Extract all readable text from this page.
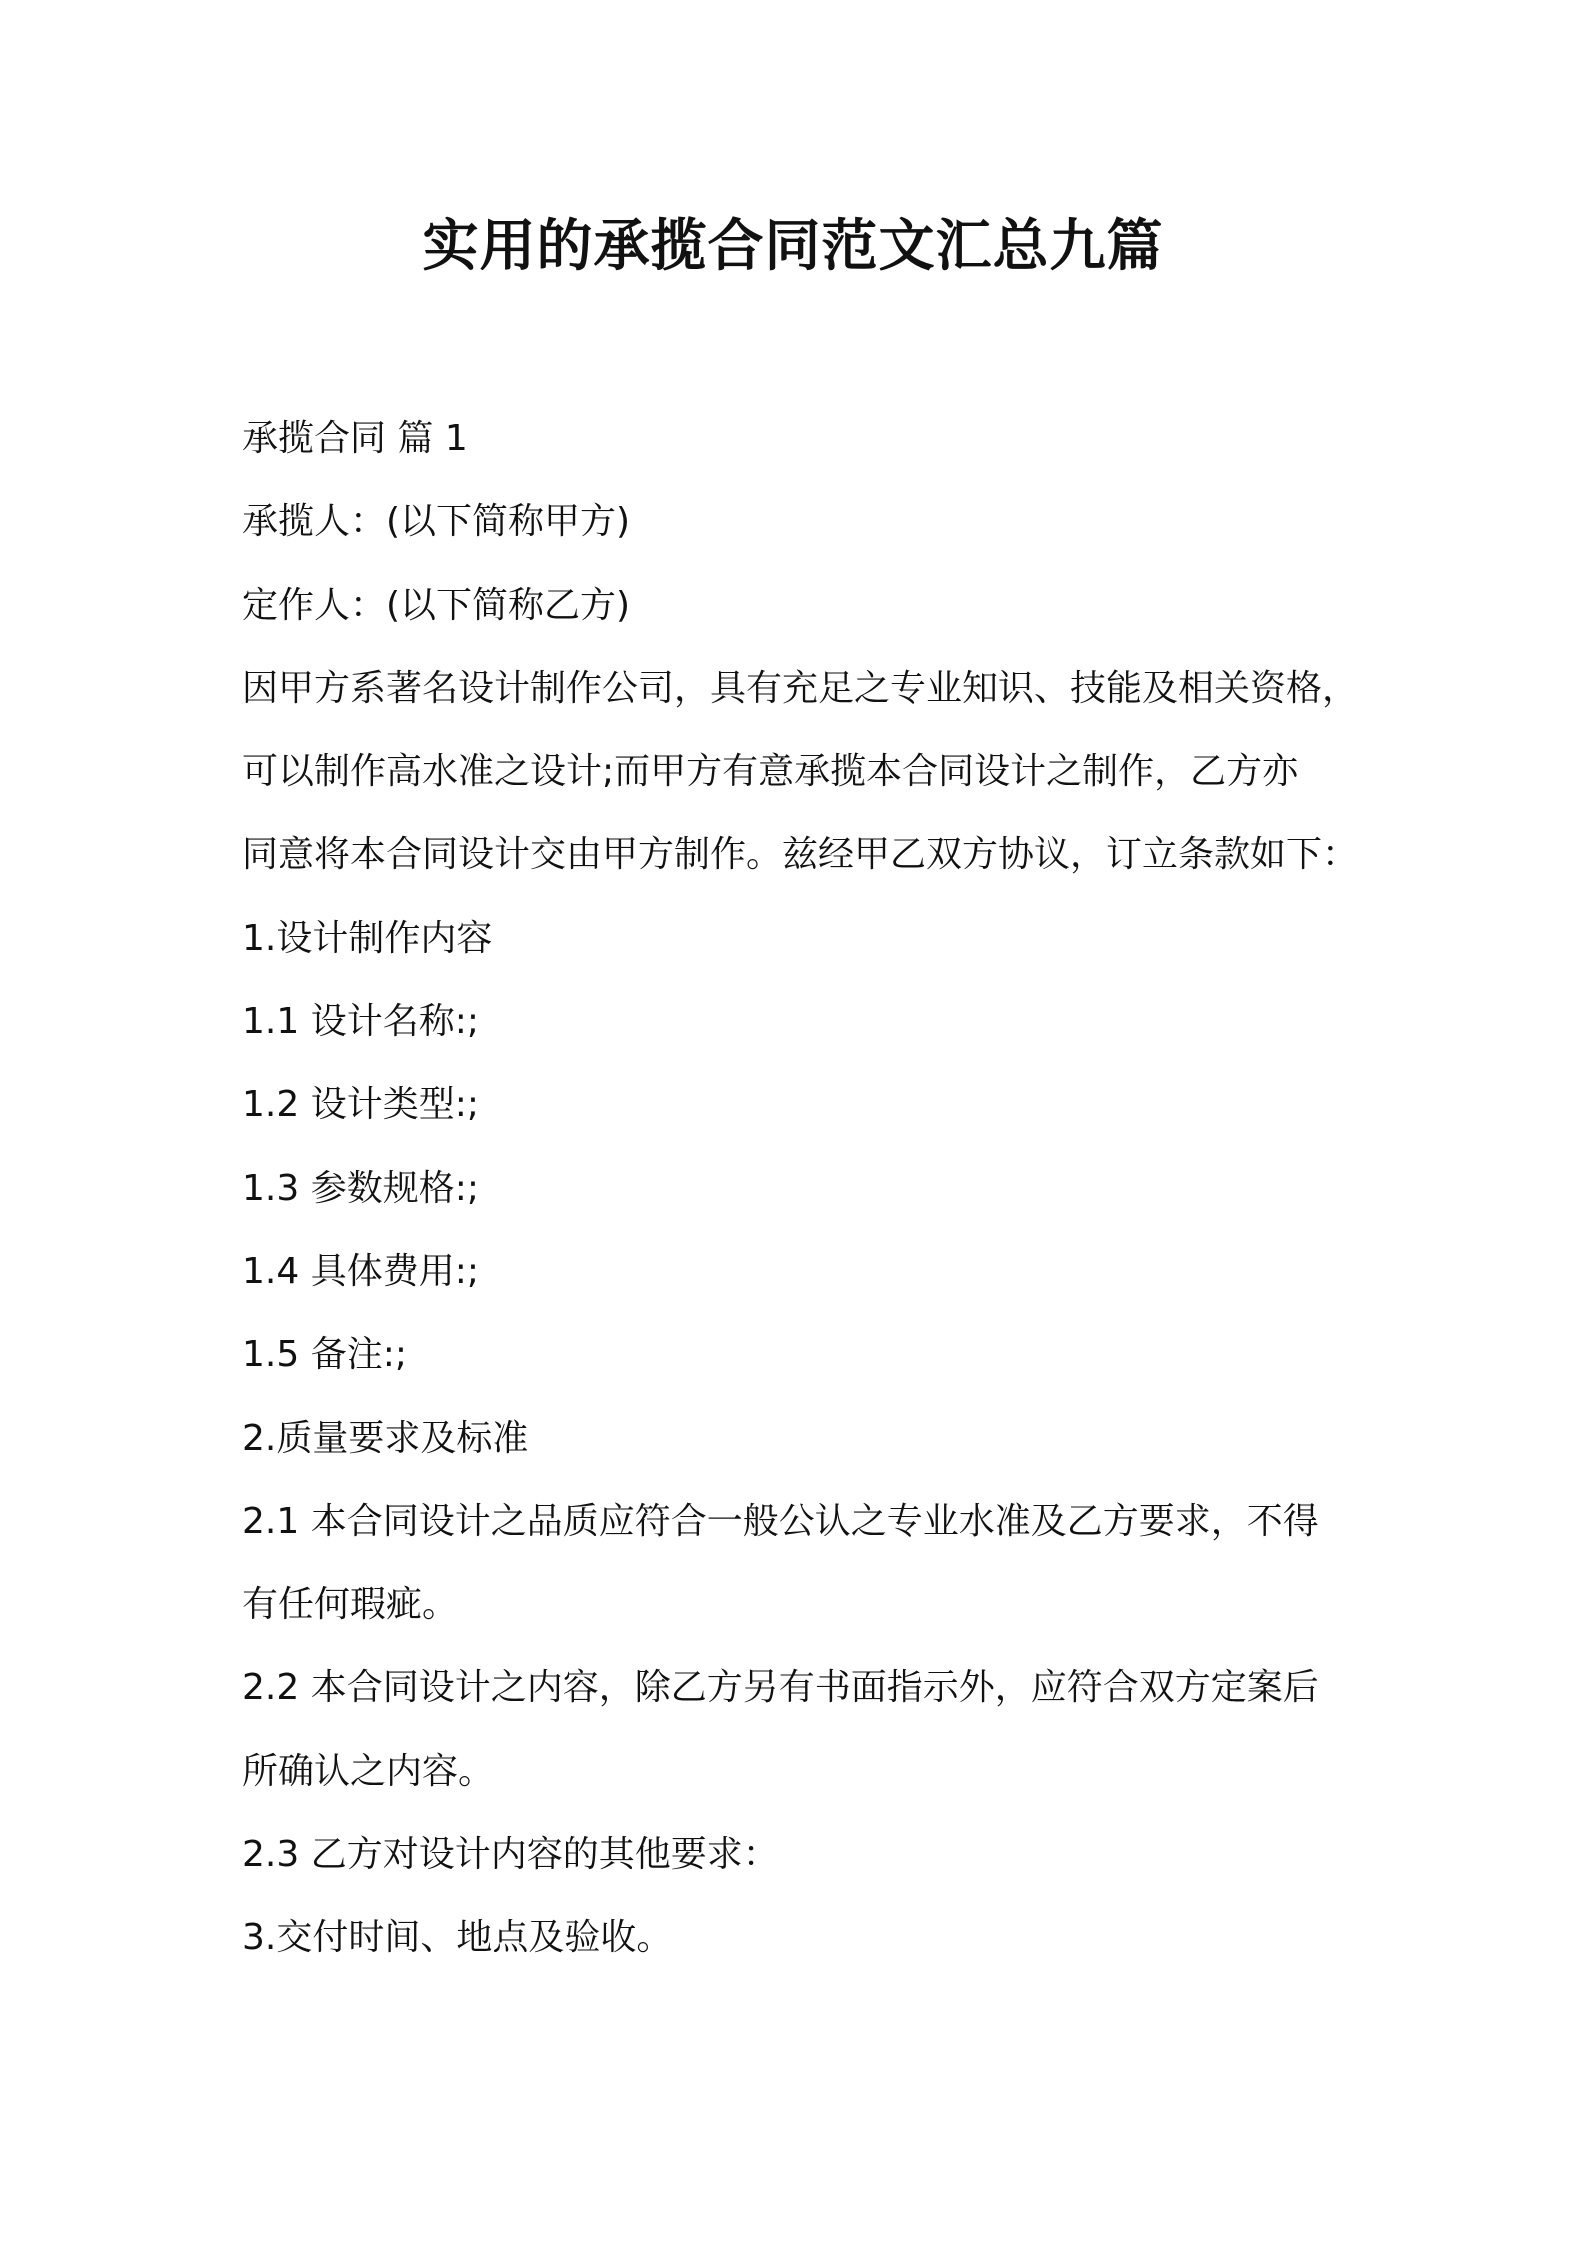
实用的承揽合同范文汇总九篇
承揽合同 篇 1
承揽人：(以下简称甲方)
定作人：(以下简称乙方)
因甲方系著名设计制作公司，具有充足之专业知识、技能及相关资格，
可以制作高水准之设计;而甲方有意承揽本合同设计之制作，乙方亦
同意将本合同设计交由甲方制作。兹经甲乙双方协议，订立条款如下：
1.设计制作内容
1.1 设计名称:;
1.2 设计类型:;
1.3 参数规格:;
1.4 具体费用:;
1.5 备注:;
2.质量要求及标准
2.1 本合同设计之品质应符合一般公认之专业水准及乙方要求，不得
有任何瑕疵。
2.2 本合同设计之内容，除乙方另有书面指示外，应符合双方定案后
所确认之内容。
2.3 乙方对设计内容的其他要求：
3.交付时间、地点及验收。
